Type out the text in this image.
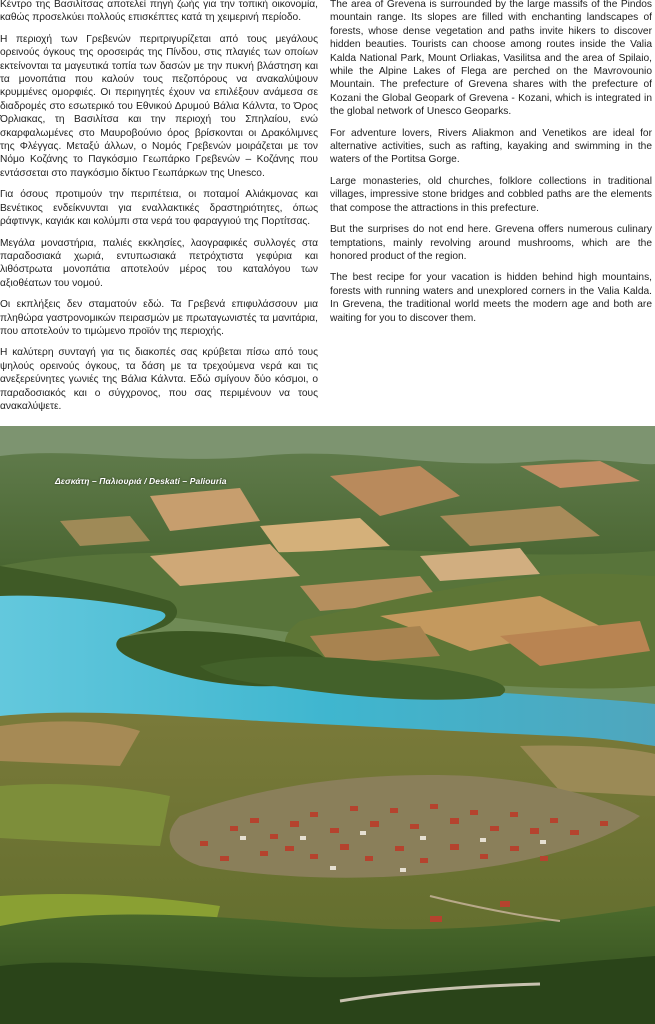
Κέντρο της Βασιλίτσας αποτελεί πηγή ζωής για την τοπική οικονομία, καθώς προσελκύει πολλούς επισκέπτες κατά τη χειμερινή περίοδο.

Η περιοχή των Γρεβενών περιτριγυρίζεται από τους μεγάλους ορεινούς όγκους της οροσειράς της Πίνδου, στις πλαγιές των οποίων εκτείνονται τα μαγευτικά τοπία των δασών με την πυκνή βλάστηση και τα μονοπάτια που καλούν τους πεζοπόρους να ανακαλύψουν κρυμμένες ομορφιές. Οι περιηγητές έχουν να επιλέξουν ανάμεσα σε διαδρομές στο εσωτερικό του Εθνικού Δρυμού Βάλια Κάλντα, το Όρος Όρλιακας, τη Βασιλίτσα και την περιοχή του Σπηλαίου, ενώ σκαρφαλωμένες στο Μαυροβούνιο όρος βρίσκονται οι Δρακόλιμνες της Φλέγγας. Μεταξύ άλλων, ο Νομός Γρεβενών μοιράζεται με τον Νόμο Κοζάνης το Παγκόσμιο Γεωπάρκο Γρεβενών – Κοζάνης που εντάσσεται στο παγκόσμιο δίκτυο Γεωπάρκων της Unesco.

Για όσους προτιμούν την περιπέτεια, οι ποταμοί Αλιάκμονας και Βενέτικος ενδείκνυνται για εναλλακτικές δραστηριότητες, όπως ράφτινγκ, καγιάκ και κολύμπι στα νερά του φαραγγιού της Πορτίτσας.

Μεγάλα μοναστήρια, παλιές εκκλησίες, λαογραφικές συλλογές στα παραδοσιακά χωριά, εντυπωσιακά πετρόχτιστα γεφύρια και λιθόστρωτα μονοπάτια αποτελούν μέρος του καταλόγου των αξιοθέατων του νομού.

Οι εκπλήξεις δεν σταματούν εδώ. Τα Γρεβενά επιφυλάσσουν μια πληθώρα γαστρονομικών πειρασμών με πρωταγωνιστές τα μανιτάρια, που αποτελούν το τιμώμενο προϊόν της περιοχής.

Η καλύτερη συνταγή για τις διακοπές σας κρύβεται πίσω από τους ψηλούς ορεινούς όγκους, τα δάση με τα τρεχούμενα νερά και τις ανεξερεύνητες γωνιές της Βάλια Κάλντα. Εδώ σμίγουν δύο κόσμοι, ο παραδοσιακός και ο σύγχρονος, που σας περιμένουν να τους ανακαλύψετε.

The area of Grevena is surrounded by the large massifs of the Pindos mountain range. Its slopes are filled with enchanting landscapes of forests, whose dense vegetation and paths invite hikers to discover hidden beauties. Tourists can choose among routes inside the Valia Kalda National Park, Mount Orliakas, Vasilitsa and the area of Spilaio, while the Alpine Lakes of Flega are perched on the Mavrovounio Mountain. The prefecture of Grevena shares with the prefecture of Kozani the Global Geopark of Grevena - Kozani, which is integrated in the global network of Unesco Geoparks.

For adventure lovers, Rivers Aliakmon and Venetikos are ideal for alternative activities, such as rafting, kayaking and swimming in the waters of the Portitsa Gorge.

Large monasteries, old churches, folklore collections in traditional villages, impressive stone bridges and cobbled paths are the elements that compose the attractions in this prefecture.

But the surprises do not end here. Grevena offers numerous culinary temptations, mainly revolving around mushrooms, which are the honored product of the region.

The best recipe for your vacation is hidden behind high mountains, forests with running waters and unexplored corners in the Valia Kalda. In Grevena, the traditional world meets the modern age and both are waiting for you to discover them.

Δεσκάτη – Παλιουριά / Deskati – Paliouria
